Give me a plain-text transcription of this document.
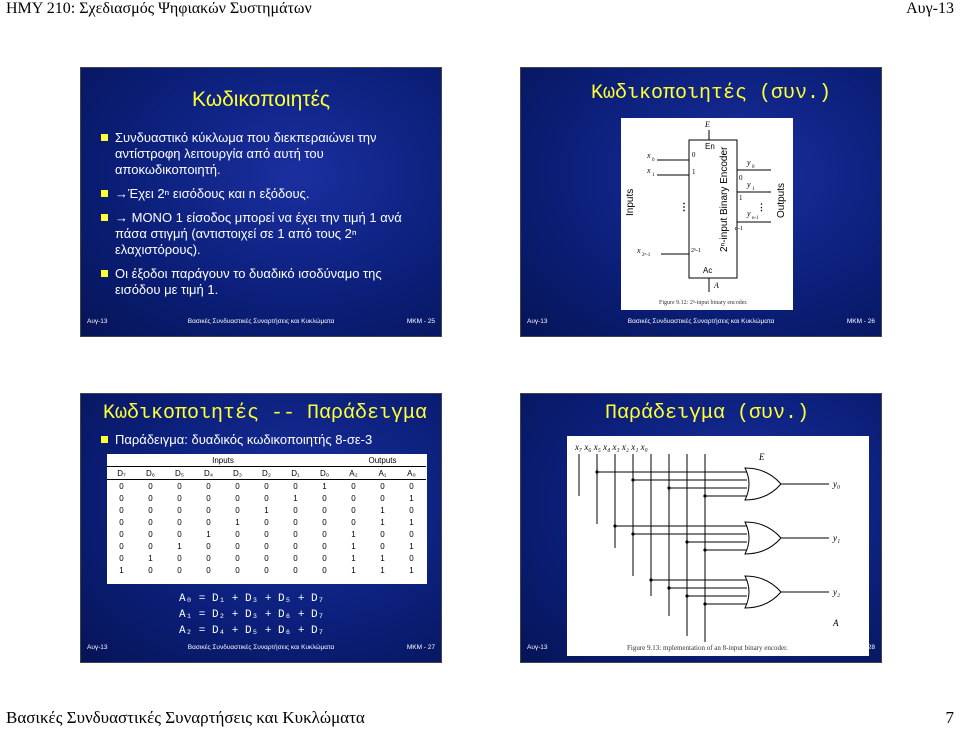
ΗΜΥ 210: Σχεδιασμός Ψηφιακών Συστημάτων	Αυγ-13
Κωδικοποιητές
Συνδυαστικό κύκλωμα που διεκπεραιώνει την αντίστροφη λειτουργία από αυτή του αποκωδικοποιητή.
→Έχει 2ⁿ εισόδους και n εξόδους.
→ ΜΟΝΟ 1 είσοδος μπορεί να έχει την τιμή 1 ανά πάσα στιγμή (αντιστοιχεί σε 1 από τους 2ⁿ ελαχιστόρους).
Οι έξοδοι παράγουν το δυαδικό ισοδύναμο της εισόδου με τιμή 1.
Αυγ-13	Βασικές Συνδυαστικές Συναρτήσεις και Κυκλώματα	ΜΚΜ - 25
Κωδικοποιητές (συν.)
E
En
2ⁿ-input Binary Encoder
Inputs	Outputs
x
0
0
x
1	1
⋮
x
2ⁿ-1
2ⁿ-1
y
0
0
y
1
1
⋮
y
n-1
n-1
Ac
A
Figure 9.12: 2ⁿ-input binary encoder.
Αυγ-13	Βασικές Συνδυαστικές Συναρτήσεις και Κυκλώματα	ΜΚΜ - 26
Κωδικοποιητές -- Παράδειγμα
Παράδειγμα: δυαδικός κωδικοποιητής 8-σε-3
Inputs								Outputs		
D₇	D₆	D₅	D₄	D₃	D₂	D₁	D₀	A₂	A₁	A₀
0	0	0	0	0	0	0	1	0	0	0
0	0	0	0	0	0	1	0	0	0	1
0	0	0	0	0	1	0	0	0	1	0
0	0	0	0	1	0	0	0	0	1	1
0	0	0	1	0	0	0	0	1	0	0
0	0	1	0	0	0	0	0	1	0	1
0	1	0	0	0	0	0	0	1	1	0
1	0	0	0	0	0	0	0	1	1	1
A₀ = D₁ + D₃ + D₅ + D₇
A₁ = D₂ + D₃ + D₆ + D₇
A₂ = D₄ + D₅ + D₆ + D₇
Αυγ-13	Βασικές Συνδυαστικές Συναρτήσεις και Κυκλώματα	ΜΚΜ - 27
Παράδειγμα (συν.)
x₇ x₆ x₅ x₄ x₃ x₂ x₁ x₀
E
y₀
y₁
y₂
A
Figure 9.13: mplementation of an 8-input binary encoder.
Αυγ-13	28
Βασικές Συνδυαστικές Συναρτήσεις και Κυκλώματα	7
